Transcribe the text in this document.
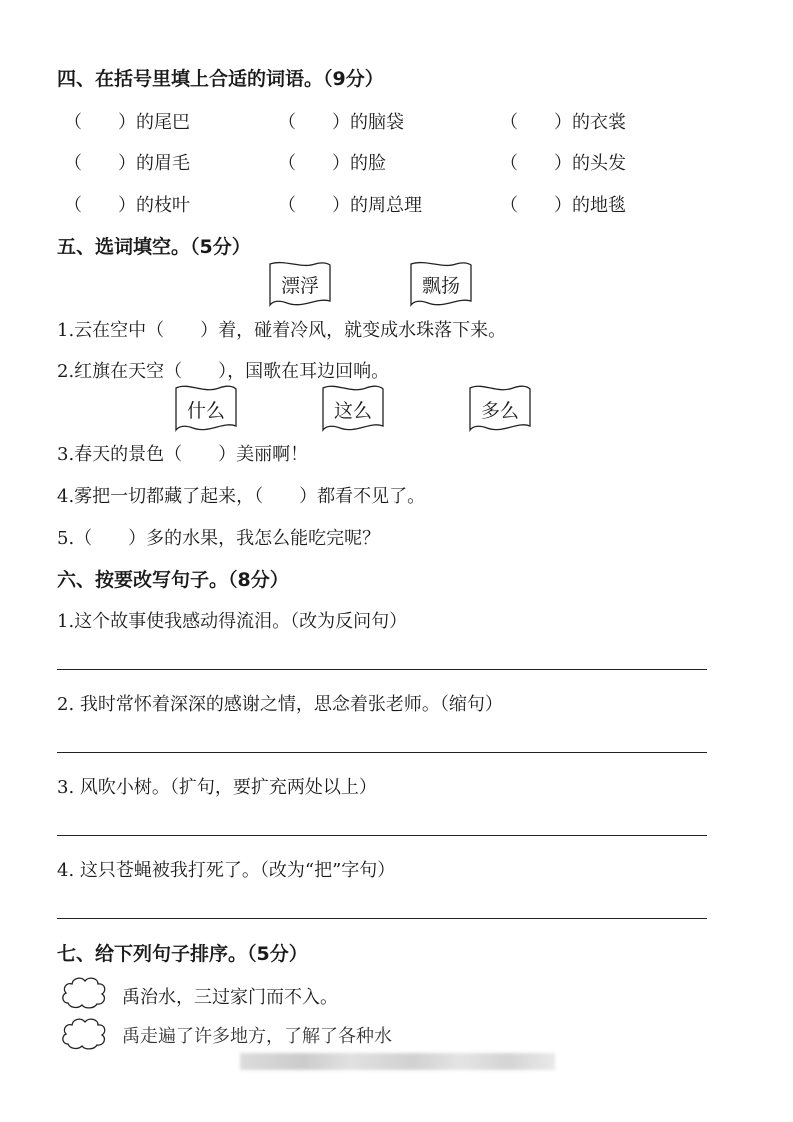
四、在括号里填上合适的词语。（9分）
（　　）的尾巴	（　　）的脑袋	（　　）的衣裳
（　　）的眉毛	（　　）的脸	（　　）的头发
（　　）的枝叶	（　　）的周总理	（　　）的地毯
五、选词填空。（5分）
漂浮	飘扬
1.云在空中（　　）着，碰着冷风，就变成水珠落下来。
2.红旗在天空（　　），国歌在耳边回响。
什么	这么	多么
3.春天的景色（　　）美丽啊！
4.雾把一切都藏了起来，（　　）都看不见了。
5.（　　）多的水果，我怎么能吃完呢？
六、按要改写句子。（8分）
1.这个故事使我感动得流泪。（改为反问句）
2. 我时常怀着深深的感谢之情，思念着张老师。（缩句）
3. 风吹小树。（扩句，要扩充两处以上）
4. 这只苍蝇被我打死了。（改为“把”字句）
七、给下列句子排序。（5分）
禹治水，三过家门而不入。
禹走遍了许多地方，了解了各种水
